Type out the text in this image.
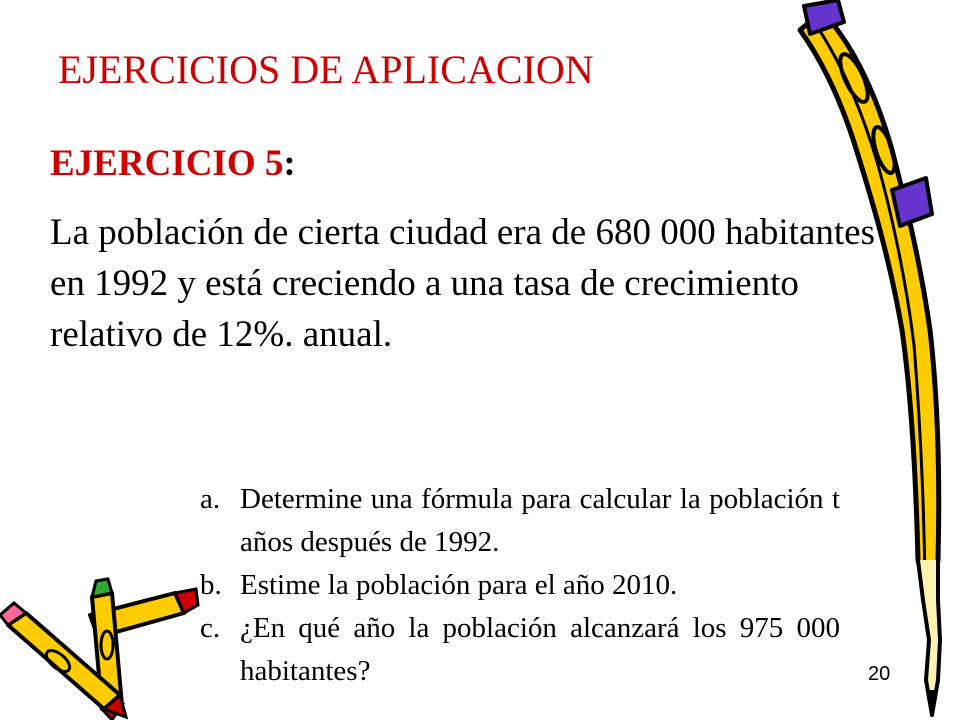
EJERCICIOS DE APLICACION
EJERCICIO 5:
La población de cierta ciudad era de 680 000 habitantes en 1992 y está creciendo a una tasa de crecimiento relativo de 12%. anual.
a. Determine una fórmula para calcular la población t años después de 1992.
b. Estime la población para el año 2010.
c. ¿En qué año la población alcanzará los 975 000 habitantes?	20
